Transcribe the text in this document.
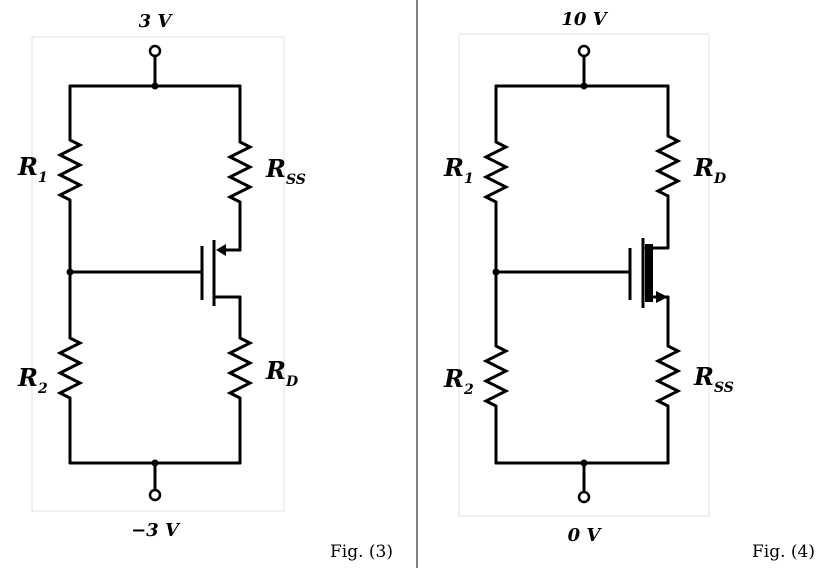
3 V
−3 V
R1
R2
RSS
RD
Fig. (3)
10 V
0 V
R1
R2
RD
RSS
Fig. (4)
